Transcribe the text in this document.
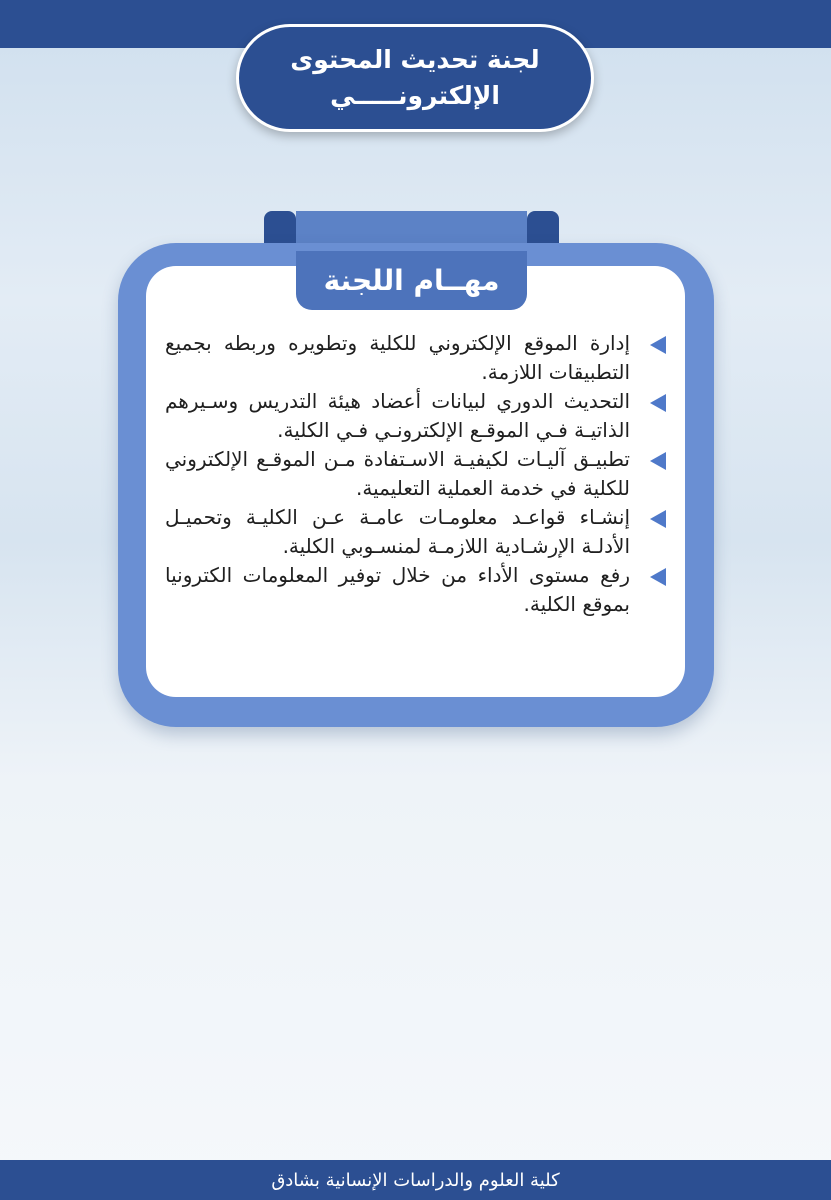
لجنة تحديث المحتوى
الإلكترونـــــي
مهــام اللجنة
إدارة الموقع الإلكتروني للكلية وتطويره وربطه بجميع التطبيقات اللازمة.
التحديث الدوري لبيانات أعضاد هيئة التدريس وسـيرهم الذاتيـة فـي الموقـع الإلكترونـي فـي الكلية.
تطبيـق آليـات لكيفيـة الاسـتفادة مـن الموقـع الإلكتروني للكلية في خدمة العملية التعليمية.
إنشـاء قواعـد معلومـات عامـة عـن الكليـة وتحميـل الأدلـة الإرشـادية اللازمـة لمنسـوبي الكلية.
رفع مستوى الأداء من خلال توفير المعلومات الكترونيا بموقع الكلية.
كلية العلوم والدراسات الإنسانية بشادق
